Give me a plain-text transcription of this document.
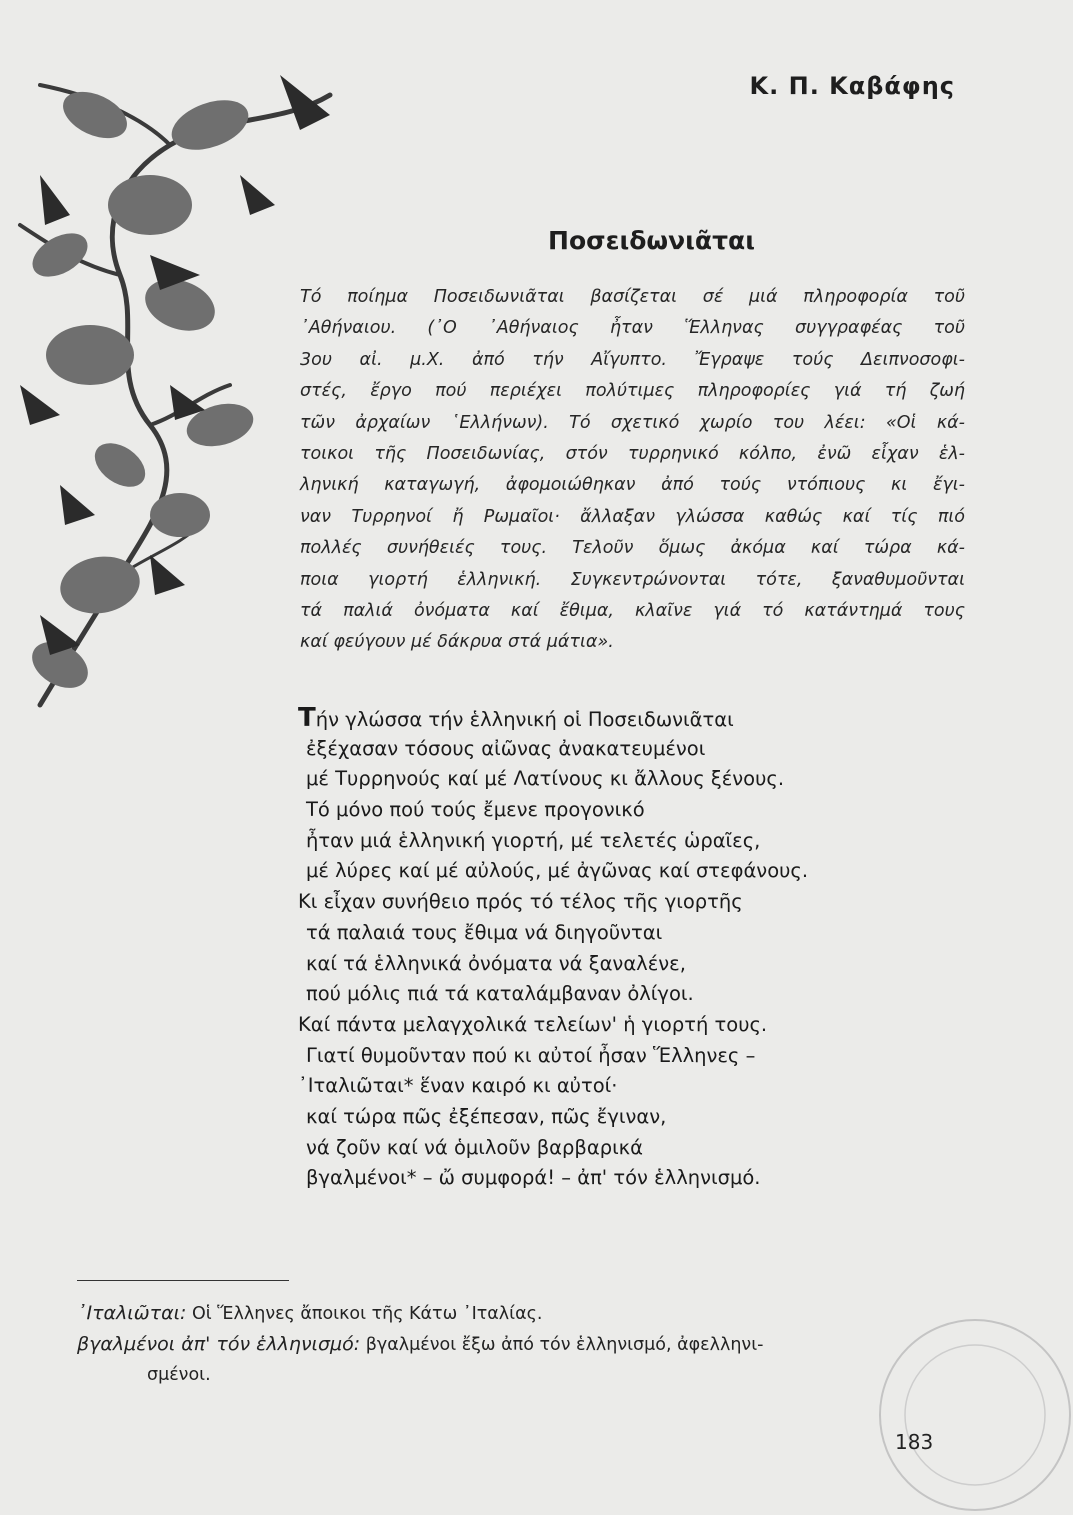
Κ. Π. Καβάφης
Ποσειδωνιᾶται
Τό ποίημα Ποσειδωνιᾶται βασίζεται σέ μιά πληροφορία τοῦ
᾿Αθήναιου. (᾿Ο ᾿Αθήναιος ἦταν Ἕλληνας συγγραφέας τοῦ
3ου αἰ. μ.Χ. ἀπό τήν Αἴγυπτο. Ἔγραψε τούς Δειπνοσοφι-
στές, ἔργο πού περιέχει πολύτιμες πληροφορίες γιά τή ζωή
τῶν ἀρχαίων ῾Ελλήνων). Τό σχετικό χωρίο του λέει: «Οἱ κά-
τοικοι τῆς Ποσειδωνίας, στόν τυρρηνικό κόλπο, ἐνῶ εἶχαν ἑλ-
ληνική καταγωγή, ἀφομοιώθηκαν ἀπό τούς ντόπιους κι ἔγι-
ναν Τυρρηνοί ἤ Ρωμαῖοι· ἄλλαξαν γλώσσα καθώς καί τίς πιό
πολλές συνήθειές τους. Τελοῦν ὅμως ἀκόμα καί τώρα κά-
ποια γιορτή ἑλληνική. Συγκεντρώνονται τότε, ξαναθυμοῦνται
τά παλιά ὀνόματα καί ἔθιμα, κλαῖνε γιά τό κατάντημά τους
καί φεύγουν μέ δάκρυα στά μάτια».
Τήν γλώσσα τήν ἑλληνική οἱ Ποσειδωνιᾶται
ἐξέχασαν τόσους αἰῶνας ἀνακατευμένοι
μέ Τυρρηνούς καί μέ Λατίνους κι ἄλλους ξένους.
Τό μόνο πού τούς ἔμενε προγονικό
ἦταν μιά ἑλληνική γιορτή, μέ τελετές ὡραῖες,
μέ λύρες καί μέ αὐλούς, μέ ἀγῶνας καί στεφάνους.
Κι εἶχαν συνήθειο πρός τό τέλος τῆς γιορτῆς
τά παλαιά τους ἔθιμα νά διηγοῦνται
καί τά ἑλληνικά ὀνόματα νά ξαναλένε,
πού μόλις πιά τά καταλάμβαναν ὀλίγοι.
Καί πάντα μελαγχολικά τελείων' ἡ γιορτή τους.
Γιατί θυμοῦνταν πού κι αὐτοί ἦσαν Ἕλληνες –
᾿Ιταλιῶται* ἕναν καιρό κι αὐτοί·
καί τώρα πῶς ἐξέπεσαν, πῶς ἔγιναν,
νά ζοῦν καί νά ὁμιλοῦν βαρβαρικά
βγαλμένοι* – ὤ συμφορά! – ἀπ' τόν ἑλληνισμό.

᾿Ιταλιῶται: Οἱ Ἕλληνες ἄποικοι τῆς Κάτω ᾿Ιταλίας.

βγαλμένοι ἀπ' τόν ἑλληνισμό: βγαλμένοι ἔξω ἀπό τόν ἑλληνισμό, ἀφελληνι-
σμένοι.

183
